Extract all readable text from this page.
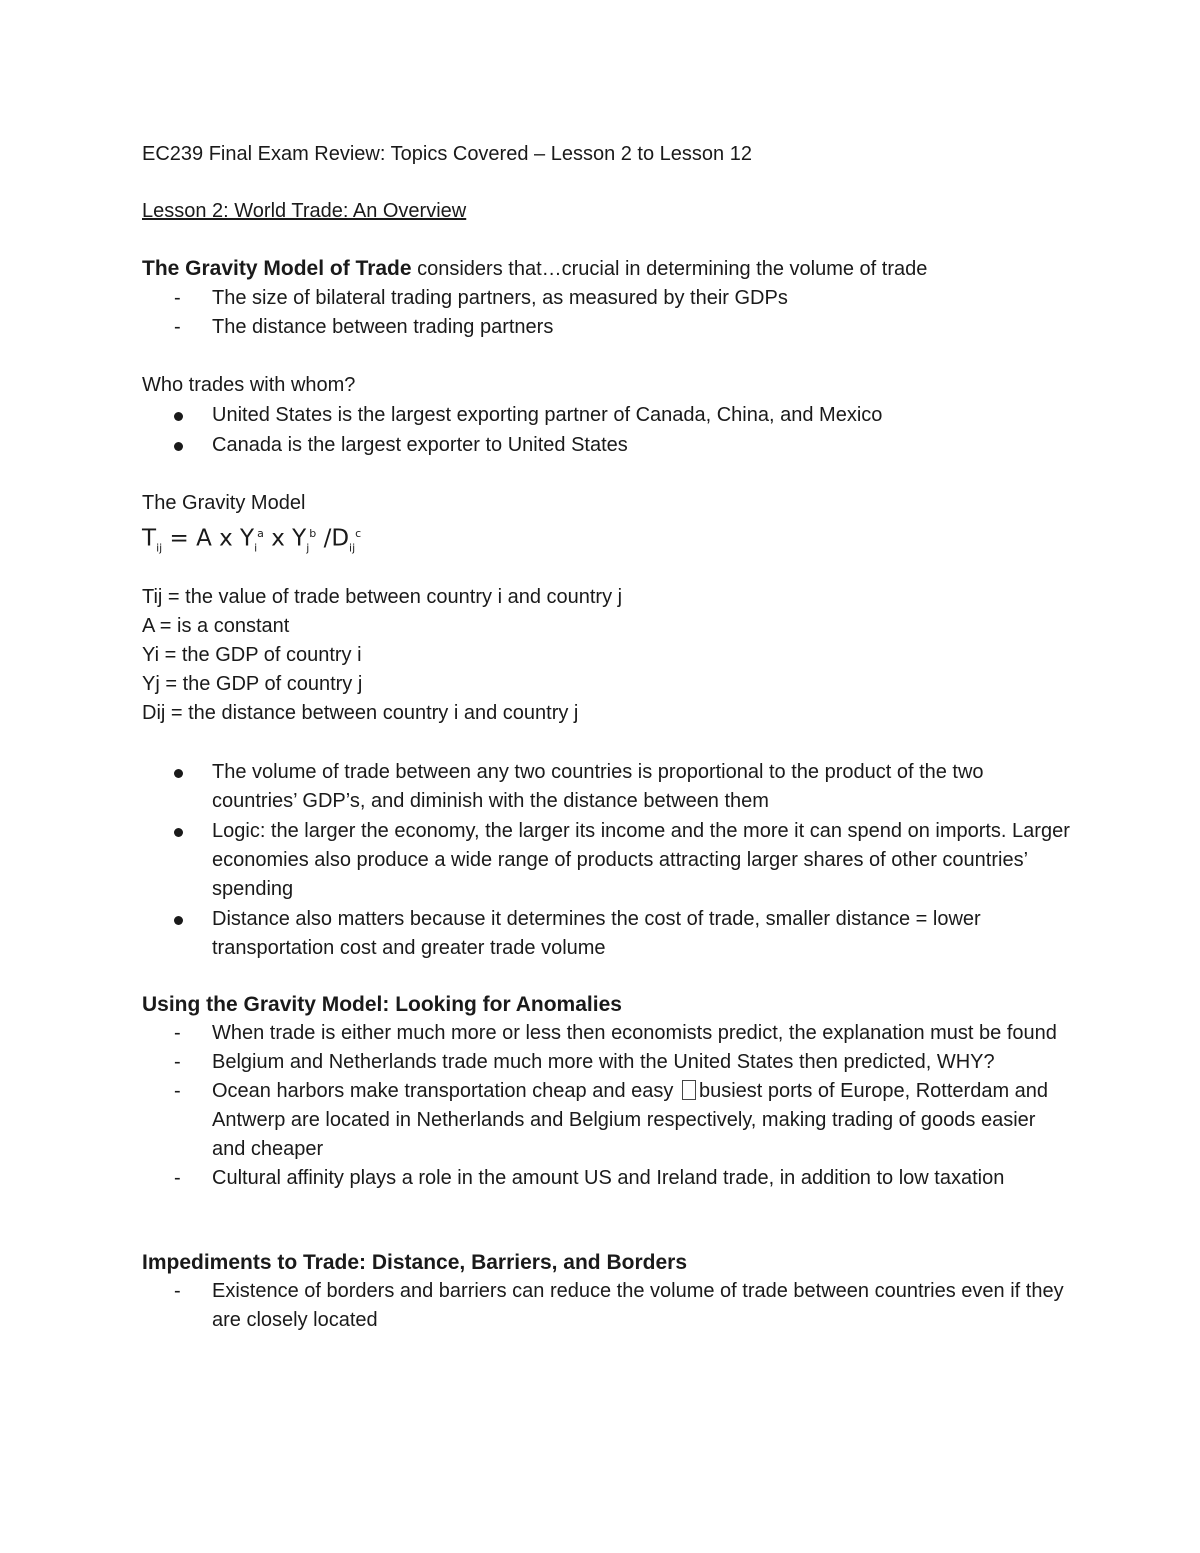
EC239 Final Exam Review: Topics Covered – Lesson 2 to Lesson 12

Lesson 2: World Trade: An Overview

The Gravity Model of Trade considers that…crucial in determining the volume of trade

- The size of bilateral trading partners, as measured by their GDPs
- The distance between trading partners

Who trades with whom?

United States is the largest exporting partner of Canada, China, and Mexico
Canada is the largest exporter to United States

The Gravity Model

$T_{ij} = A$ x $Y_i^a$ x $Y_j^b$ $/D_{ij}^c$

Tij = the value of trade between country i and country j

A = is a constant

Yi = the GDP of country i

Yj = the GDP of country j

Dij = the distance between country i and country j

The volume of trade between any two countries is proportional to the product of the two countries’ GDP’s, and diminish with the distance between them
Logic: the larger the economy, the larger its income and the more it can spend on imports. Larger economies also produce a wide range of products attracting larger shares of other countries’ spending
Distance also matters because it determines the cost of trade, smaller distance = lower transportation cost and greater trade volume

Using the Gravity Model: Looking for Anomalies

- When trade is either much more or less then economists predict, the explanation must be found
- Belgium and Netherlands trade much more with the United States then predicted, WHY?
- Ocean harbors make transportation cheap and easy busiest ports of Europe, Rotterdam and Antwerp are located in Netherlands and Belgium respectively, making trading of goods easier and cheaper
- Cultural affinity plays a role in the amount US and Ireland trade, in addition to low taxation

Impediments to Trade: Distance, Barriers, and Borders

- Existence of borders and barriers can reduce the volume of trade between countries even if they are closely located
